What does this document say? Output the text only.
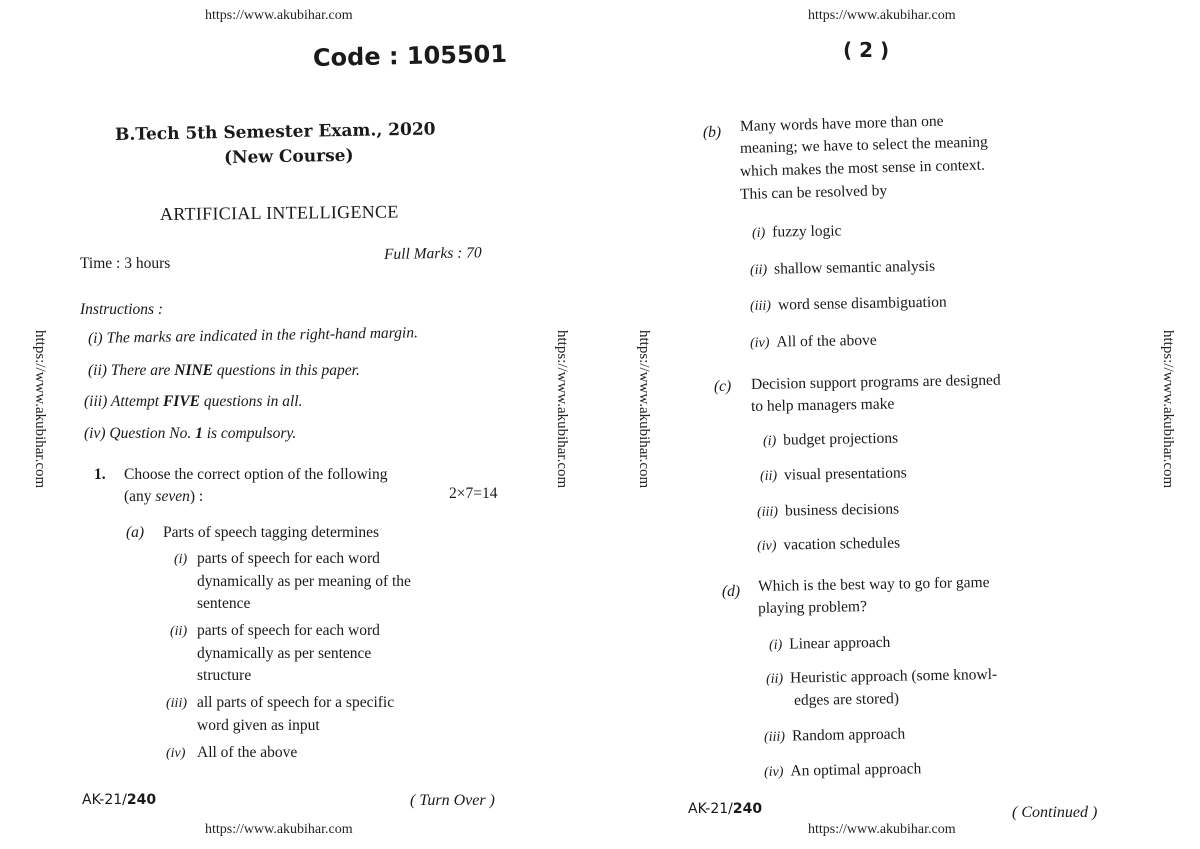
https://www.akubihar.com	https://www.akubihar.com
https://www.akubihar.com	https://www.akubihar.com
https://www.akubihar.com	https://www.akubihar.com	https://www.akubihar.com	https://www.akubihar.com
Code : 105501
B.Tech 5th Semester Exam., 2020
(New Course)
ARTIFICIAL INTELLIGENCE
Time : 3 hours
Full Marks : 70
Instructions :
(i) The marks are indicated in the right-hand margin.
(ii) There are NINE questions in this paper.
(iii) Attempt FIVE questions in all.
(iv) Question No. 1 is compulsory.
1. Choose the correct option of the following
(any seven) :	2×7=14
(a) Parts of speech tagging determines
(i) parts of speech for each word
dynamically as per meaning of the
sentence
(ii) parts of speech for each word
dynamically as per sentence
structure
(iii) all parts of speech for a specific
word given as input
(iv) All of the above
AK-21/240	( Turn Over )
( 2 )
(b) Many words have more than one
meaning; we have to select the meaning
which makes the most sense in context.
This can be resolved by
(i) fuzzy logic
(ii) shallow semantic analysis
(iii) word sense disambiguation
(iv) All of the above
(c) Decision support programs are designed
to help managers make
(i) budget projections
(ii) visual presentations
(iii) business decisions
(iv) vacation schedules
(d) Which is the best way to go for game
playing problem?
(i) Linear approach
(ii) Heuristic approach (some knowl-
edges are stored)
(iii) Random approach
(iv) An optimal approach
AK-21/240	( Continued )
